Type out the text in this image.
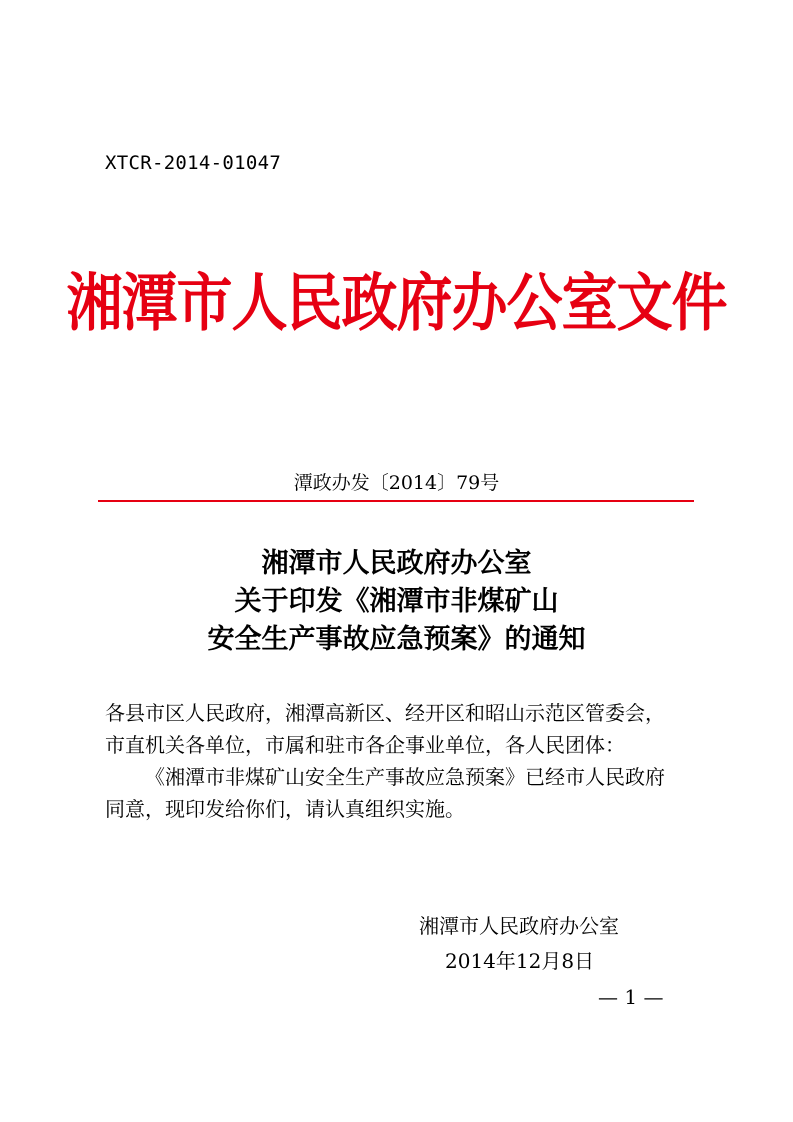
XTCR-2014-01047
湘潭市人民政府办公室文件
潭政办发〔2014〕79号
湘潭市人民政府办公室
关于印发《湘潭市非煤矿山
安全生产事故应急预案》的通知

各县市区人民政府，湘潭高新区、经开区和昭山示范区管委会，

市直机关各单位，市属和驻市各企事业单位，各人民团体：

《湘潭市非煤矿山安全生产事故应急预案》已经市人民政府

同意，现印发给你们，请认真组织实施。

湘潭市人民政府办公室
2014年12月8日
— 1 —
